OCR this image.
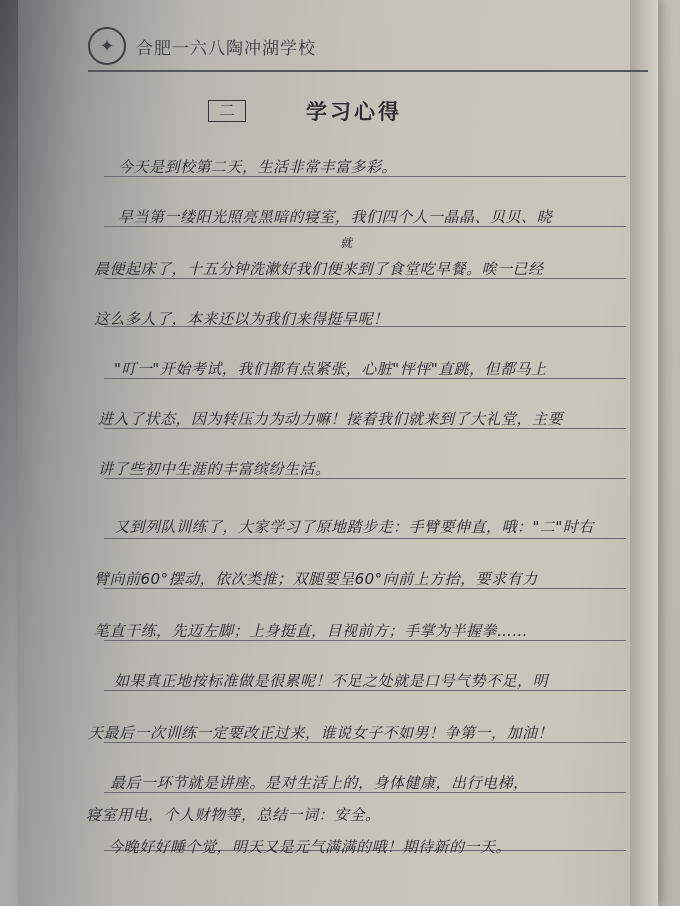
✦	合肥一六八陶冲湖学校
二	学习心得
就
今天是到校第二天，生活非常丰富多彩。
早当第一缕阳光照亮黑暗的寝室，我们四个人一晶晶、贝贝、晓
晨便起床了，十五分钟洗漱好我们便来到了食堂吃早餐。唉一已经
这么多人了，本来还以为我们来得挺早呢！
"叮一"开始考试，我们都有点紧张，心脏"怦怦"直跳，但都马上
进入了状态，因为转压力为动力嘛！接着我们就来到了大礼堂，主要
讲了些初中生涯的丰富缤纷生活。
又到列队训练了，大家学习了原地踏步走：手臂要伸直，哦："二"时右
臂向前60°摆动，依次类推；双腿要呈60°向前上方抬，要求有力
笔直干练，先迈左脚；上身挺直，目视前方；手掌为半握拳……
如果真正地按标准做是很累呢！不足之处就是口号气势不足，明
天最后一次训练一定要改正过来，谁说女子不如男！争第一，加油！
最后一环节就是讲座。是对生活上的，身体健康，出行电梯，
寝室用电，个人财物等，总结一词：安全。
今晚好好睡个觉，明天又是元气满满的哦！期待新的一天。
